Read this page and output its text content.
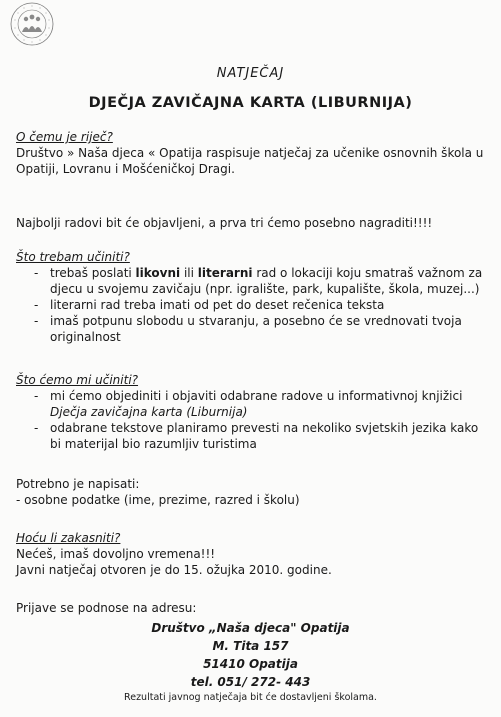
NATJEČAJ
DJEČJA ZAVIČAJNA KARTA (LIBURNIJA)
O čemu je riječ?

Društvo » Naša djeca « Opatija raspisuje natječaj za učenike osnovnih škola u Opatiji, Lovranu i Mošćeničkoj Dragi.

Najbolji radovi bit će objavljeni, a prva tri ćemo posebno nagraditi!!!!
Što trebam učiniti?
- trebaš poslati likovni ili literarni rad o lokaciji koju smatraš važnom za djecu u svojemu zavičaju (npr. igralište, park, kupalište, škola, muzej...)
- literarni rad treba imati od pet do deset rečenica teksta
- imaš potpunu slobodu u stvaranju, a posebno će se vrednovati tvoja originalnost
Što ćemo mi učiniti?
- mi ćemo objediniti i objaviti odabrane radove u informativnoj knjižici Dječja zavičajna karta (Liburnija)
- odabrane tekstove planiramo prevesti na nekoliko svjetskih jezika kako bi materijal bio razumljiv turistima
Potrebno je napisati:
- osobne podatke (ime, prezime, razred i školu)
Hoću li zakasniti?
Nećeš, imaš dovoljno vremena!!!
Javni natječaj otvoren je do 15. ožujka 2010. godine.
Prijave se podnose na adresu:
Društvo „Naša djeca" Opatija
M. Tita 157
51410 Opatija
tel. 051/ 272- 443
Rezultati javnog natječaja bit će dostavljeni školama.
